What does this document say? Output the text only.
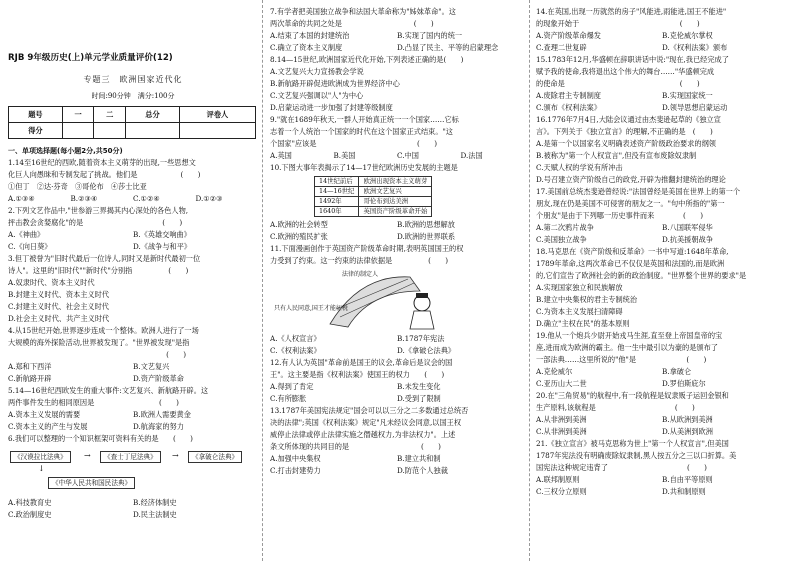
RJB 9年级历史(上)单元学业质量评价(12)
专题三　欧洲国家近代化
时间:90分钟　满分:100分
题号	一	二	总分	评卷人
得分				
一、单项选择题(每小题2分,共50分)
1.14至16世纪的西欧,随着资本主义萌芽的出现,一些思想文
化巨人向愚昧和专制发起了挑战。他们是　　　　　　(　　)
①但丁　②达·芬奇　③哥伦布　④莎士比亚
A.①③④	B.②③④	C.①②④	D.①②③
2.下列文艺作品中,"世参游三界揭其内心深处的各色人物,
抨击教会贪婪腐化"的是　　　　　　　　　　　(　　)
A.《神曲》	B.《英雄交响曲》
C.《向日葵》	D.《战争与和平》
3.但丁被誉为"旧时代最后一位诗人,同时又是新时代最初一位
诗人"。这里的"旧时代""新时代"分别指　　　　　(　　)
A.奴隶时代、资本主义时代
B.封建主义时代、资本主义时代
C.封建主义时代、社会主义时代
D.社会主义时代、共产主义时代
4.从15世纪开始,世界逐步连成一个整体。欧洲人进行了一场
大规模的海外探险活动,世界被发现了。"世界被发现"是指
　　　　　　　　　　　　　　　　　　　　　　(　　)
A.郑和下西洋	B.文艺复兴
C.新航路开辟	D.资产阶级革命
5.14—16世纪西欧发生的重大事件:文艺复兴、新航路开辟。这
两件事件发生的相同原因是　　　　　　　　　(　　)
A.资本主义发展的需要	B.欧洲人需要黄金
C.资本主义的产生与发展	D.航海家的努力
6.我们可以整理的一个知识框架可资料有关的是　　(　　)
《汉谟拉比法典》	《查士丁尼法典》	《拿破仑法典》
《中华人民共和国民法典》
→	→
↓
A.科技教育史	B.经济体制史
C.政治制度史	D.民主法制史
7.有学者把美国独立战争和法国大革命称为"姊妹革命"。这
两次革命的共同之处是　　　　　　　　　　(　　)
A.结束了本国的封建统治	B.实现了国内的统一
C.确立了资本主义制度	D.凸显了民主、平等的启蒙理念
8.14—15世纪,欧洲国家近代化开始,下列表述正确的是(　　)
A.文艺复兴大力宣扬教会学说
B.新航路开辟促进欧洲成为世界经济中心
C.文艺复兴强调以"人"为中心
D.启蒙运动进一步加强了封建等级制度
9."就在1689年秋天,一群人开始真正统一一个国家……它标
志着一个人统治一个国家的时代在这个国家正式结束。"这
个国家"应该是　　　　　　　　　　　　　　(　　)
A.英国	B.美国	C.中国	D.法国
10.下图大事年表揭示了14—17世纪欧洲历史发展的主题是
14世纪前后	欧洲出现资本主义萌芽
14—16世纪	欧洲文艺复兴
1492年	哥伦布到达美洲
1640年	英国资产阶级革命开始
A.欧洲的社会转型	B.欧洲的思想解放
C.欧洲的殖民扩张	D.欧洲的世界联系
11.下面漫画创作于英国资产阶级革命时期,表明英国国王的权
力受到了约束。这一约束的法律依据是　　　　　(　　)
法律的制定人
只有人民同意,国王才能征税
A.《人权宣言》	B.1787年宪法
C.《权利法案》	D.《拿破仑法典》
12.有人认为英国"革命前是国王的议会,革命后是议会的国
王"。这主要是指《权利法案》使国王的权力　　(　　)
A.得到了肯定	B.未发生变化
C.有所膨胀	D.受到了限制
13.1787年美国宪法规定"国会可以以三分之二多数通过总统否
决的法律";英国《权利法案》规定"凡未经议会同意,以国王权
威停止法律或停止法律实施之僭越权力,为非法权力"。上述
条文所体现的共同目的是　　　　　　　　　　(　　)
A.加强中央集权	B.建立共和制
C.打击封建势力	D.防范个人独裁
14.在英国,出现一历就然的房子"风能进,雨能进,国王不能进"
的现象开始于　　　　　　　　　　　　　　(　　)
A.资产阶级革命爆发	B.克伦威尔掌权
C.查理二世复辟	D.《权利法案》颁布
15.1783年12月,华盛顿在辞职讲话中说:"现在,我已经完成了
赋予我的使命,我将退出这个伟大的舞台……"华盛顿完成
的使命是　　　　　　　　　　　　　　　　(　　)
A.废除君主专制制度	B.实现国家统一
C.颁布《权利法案》	D.领导思想启蒙运动
16.1776年7月4日,大陆会议通过由杰斐逊起草的《独立宣
言》。下列关于《独立宣言》的理解,不正确的是　(　　)
A.是第一个以国家名义明确表述资产阶级政治要求的纲领
B.被称为"第一个人权宣言",但没有宣布废除奴隶制
C.天赋人权的学说有所冲击
D.号召建立资产阶级自己的政党,开辟为推翻封建统治的理论
17.美国前总统杰斐逊曾经说:"法国曾经是美国在世界上的第一个
朋友,现在仍是美国不可侵害的朋友之一。"句中所指的"第一
个朋友"是由于下列哪一历史事件而来　　　　(　　)
A.第二次鸦片战争	B.八国联军侵华
C.美国独立战争	D.抗美援朝战争
18.马克思在《资产阶级和反革命》一书中写道:1648年革命,
1789年革命,这两次革命已不仅仅是英国和法国的,而是欧洲
的,它们宣告了欧洲社会的新的政治制度。"世界整个世界的要求"是
A.实现国家独立和民族解放
B.建立中央集权的君主专制统治
C.为资本主义发展扫清障碍
D.确立"主权在民"的基本原则
19.他从一个炮兵少尉开始戎马生涯,直至登上帝国皇帝的宝
座,进而成为欧洲的霸主。他一生中最引以为豪的是颁布了
一部法典……这里所说的"他"是　　　　　　　(　　)
A.克伦威尔	B.拿破仑
C.亚历山大二世	D.罗伯斯庇尔
20.在"三角贸易"的航程中,有一段航程是奴隶贩子运回金银和
生产原料,该航程是　　　　　　　　　　　(　　)
A.从非洲到美洲	B.从欧洲到美洲
C.从非洲到美洲	D.从美洲到欧洲
21.《独立宣言》被马克思称为世上"第一个人权宣言",但美国
1787年宪法没有明确废除奴隶制,黑人按五分之三以口折算。美
国宪法这种规定违背了　　　　　　　　　　　(　　)
A.联邦制原则	B.自由平等原则
C.三权分立原则	D.共和制原则
